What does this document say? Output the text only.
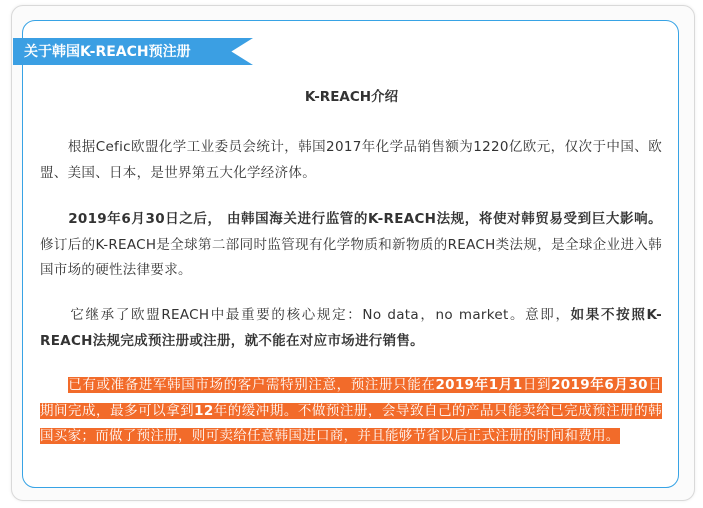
关于韩国K-REACH预注册
K-REACH介绍
　　根据Cefic欧盟化学工业委员会统计，韩国2017年化学品销售额为1220亿欧元，仅次于中国、欧盟、美国、日本，是世界第五大化学经济体。
　　2019年6月30日之后， 由韩国海关进行监管的K-REACH法规，将使对韩贸易受到巨大影响。修订后的K-REACH是全球第二部同时监管现有化学物质和新物质的REACH类法规，是全球企业进入韩国市场的硬性法律要求。
　　它继承了欧盟REACH中最重要的核心规定：No data，no market。意即，如果不按照K-REACH法规完成预注册或注册，就不能在对应市场进行销售。
　　已有或准备进军韩国市场的客户需特别注意，预注册只能在2019年1月1日到2019年6月30日期间完成，最多可以拿到12年的缓冲期。不做预注册，会导致自己的产品只能卖给已完成预注册的韩国买家；而做了预注册，则可卖给任意韩国进口商，并且能够节省以后正式注册的时间和费用。
